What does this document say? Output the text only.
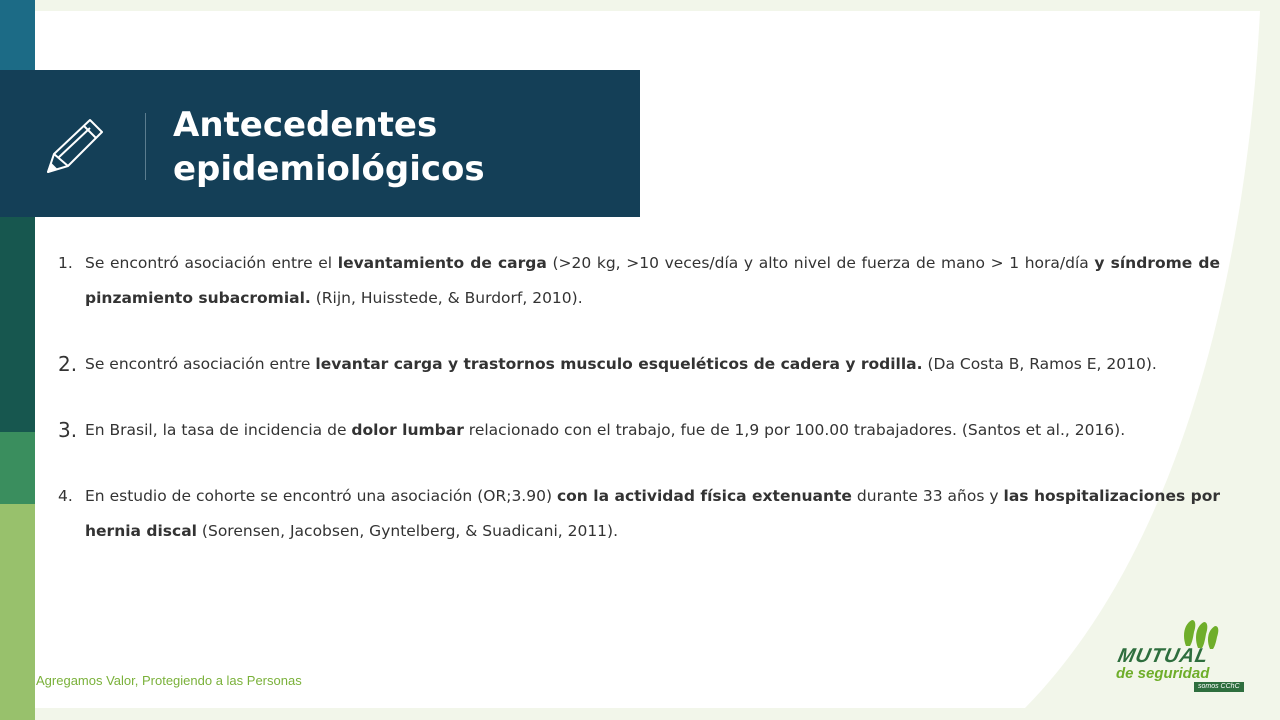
Antecedentes
epidemiológicos
1. Se encontró asociación entre el levantamiento de carga (>20 kg, >10 veces/día y alto nivel de fuerza de mano > 1 hora/día y síndrome de pinzamiento subacromial. (Rijn, Huisstede, & Burdorf, 2010).
2. Se encontró asociación entre levantar carga y trastornos musculo esqueléticos de cadera y rodilla. (Da Costa B, Ramos E, 2010).
3. En Brasil, la tasa de incidencia de dolor lumbar relacionado con el trabajo, fue de 1,9 por 100.00 trabajadores. (Santos et al., 2016).
4. En estudio de cohorte se encontró una asociación (OR;3.90) con la actividad física extenuante durante 33 años y las hospitalizaciones por hernia discal (Sorensen, Jacobsen, Gyntelberg, & Suadicani, 2011).
Agregamos Valor, Protegiendo a las Personas
MUTUAL
de seguridad
somos CChC
